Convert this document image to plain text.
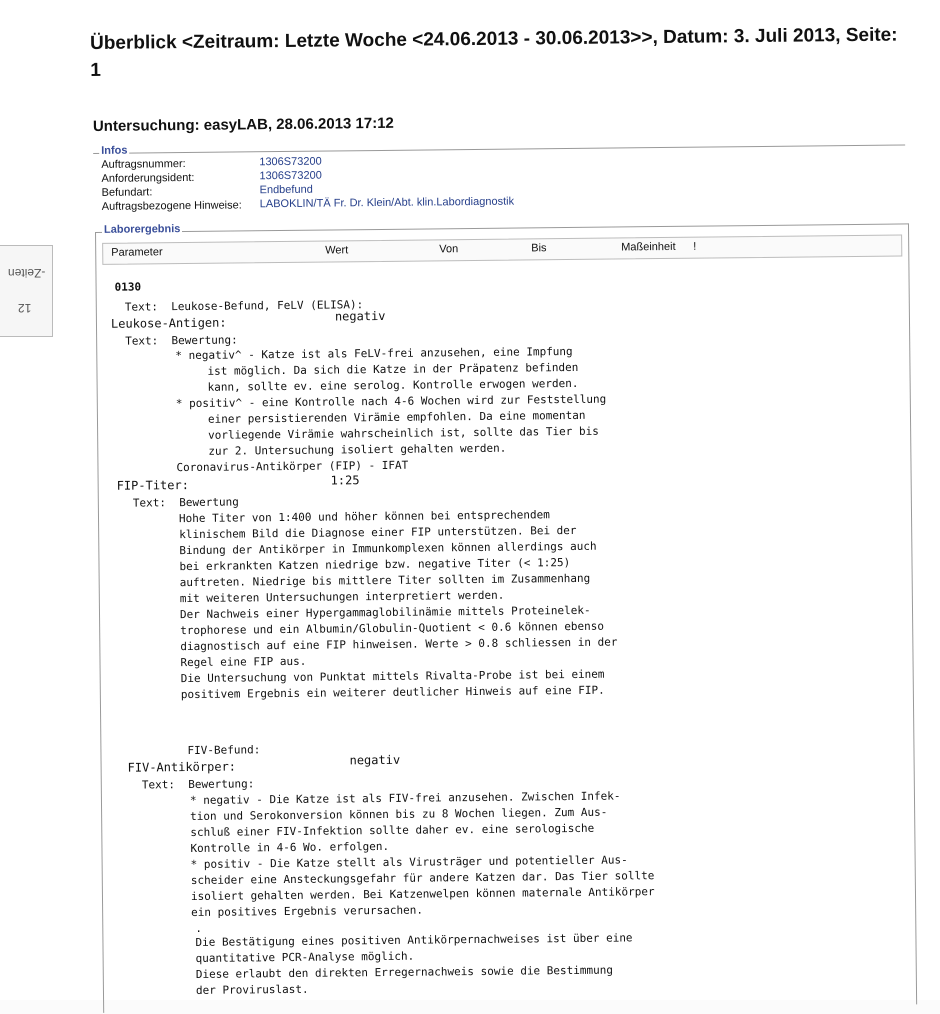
-Zeiten
12
Überblick <Zeitraum: Letzte Woche <24.06.2013 - 30.06.2013>>, Datum: 3. Juli 2013, Seite: 1
Untersuchung: easyLAB, 28.06.2013 17:12
Infos
Auftragsnummer:	1306S73200
Anforderungsident:	1306S73200
Befundart:	Endbefund
Auftragsbezogene Hinweise: LABOKLIN/TÄ Fr. Dr. Klein/Abt. klin.Labordiagnostik
Laborergebnis
Parameter	Wert	Von	Bis	Maßeinheit !
0130
Text:  Leukose-Befund, FeLV (ELISA):
Leukose-Antigen:	negativ
Text:  Bewertung:
* negativ^ - Katze ist als FeLV-frei anzusehen, eine Impfung
ist möglich. Da sich die Katze in der Präpatenz befinden
kann, sollte ev. eine serolog. Kontrolle erwogen werden.
* positiv^ - eine Kontrolle nach 4-6 Wochen wird zur Feststellung
einer persistierenden Virämie empfohlen. Da eine momentan
vorliegende Virämie wahrscheinlich ist, sollte das Tier bis
zur 2. Untersuchung isoliert gehalten werden.
Coronavirus-Antikörper (FIP) - IFAT
FIP-Titer:	1:25
Text:  Bewertung
Hohe Titer von 1:400 und höher können bei entsprechendem
klinischem Bild die Diagnose einer FIP unterstützen. Bei der
Bindung der Antikörper in Immunkomplexen können allerdings auch
bei erkrankten Katzen niedrige bzw. negative Titer (< 1:25)
auftreten. Niedrige bis mittlere Titer sollten im Zusammenhang
mit weiteren Untersuchungen interpretiert werden.
Der Nachweis einer Hypergammaglobilinämie mittels Proteinelek-
trophorese und ein Albumin/Globulin-Quotient < 0.6 können ebenso
diagnostisch auf eine FIP hinweisen. Werte > 0.8 schliessen in der
Regel eine FIP aus.
Die Untersuchung von Punktat mittels Rivalta-Probe ist bei einem
positivem Ergebnis ein weiterer deutlicher Hinweis auf eine FIP.
FIV-Befund:
FIV-Antikörper:	negativ
Text:  Bewertung:
* negativ - Die Katze ist als FIV-frei anzusehen. Zwischen Infek-
tion und Serokonversion können bis zu 8 Wochen liegen. Zum Aus-
schluß einer FIV-Infektion sollte daher ev. eine serologische
Kontrolle in 4-6 Wo. erfolgen.
* positiv - Die Katze stellt als Virusträger und potentieller Aus-
scheider eine Ansteckungsgefahr für andere Katzen dar. Das Tier sollte
isoliert gehalten werden. Bei Katzenwelpen können maternale Antikörper
ein positives Ergebnis verursachen.
.
Die Bestätigung eines positiven Antikörpernachweises ist über eine
quantitative PCR-Analyse möglich.
Diese erlaubt den direkten Erregernachweis sowie die Bestimmung
der Proviruslast.
